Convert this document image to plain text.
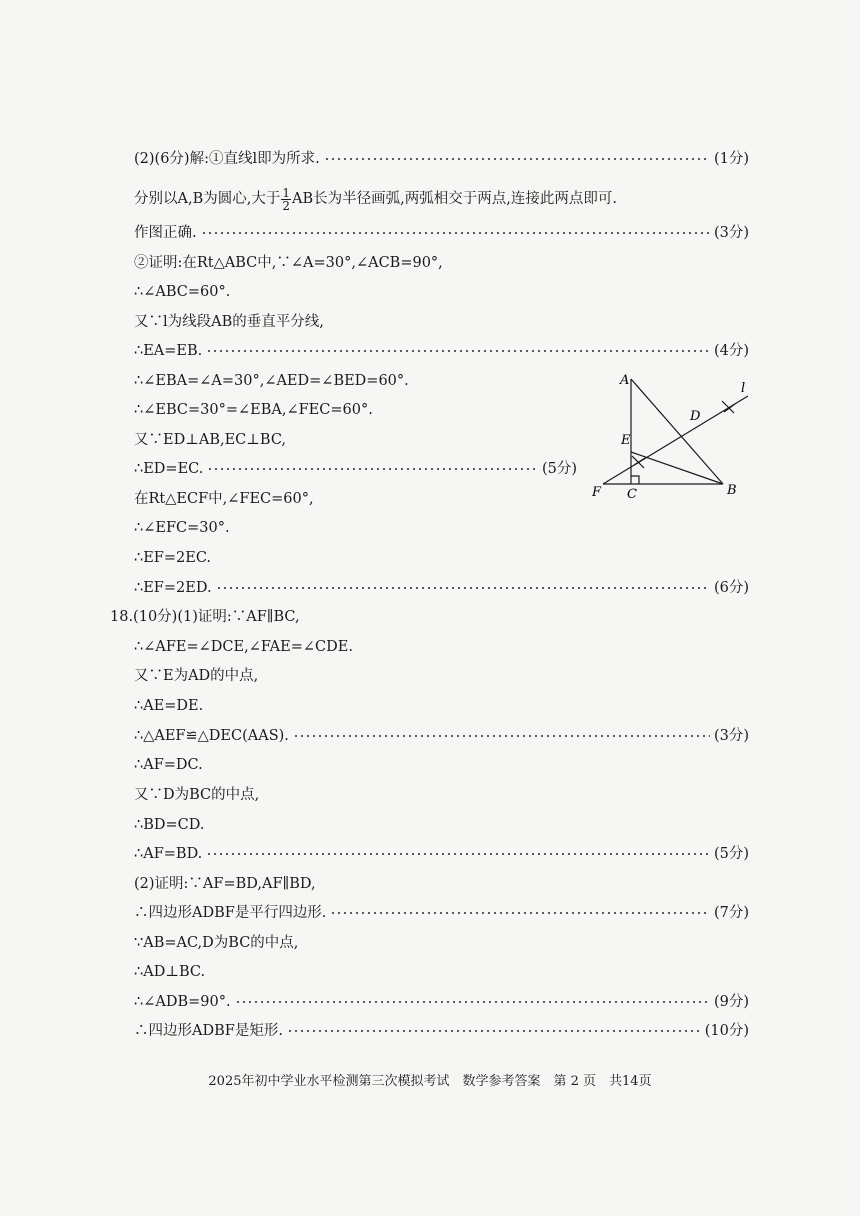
(2)(6分)解:①直线l即为所求.	(1分)
分别以A,B为圆心,大于 $\frac{1}{2}$ AB长为半径画弧,两弧相交于两点,连接此两点即可.
作图正确.	(3分)
②证明:在Rt△ABC中,∵∠A=30°,∠ACB=90°,
∴∠ABC=60°.
又∵l为线段AB的垂直平分线,
∴EA=EB.	(4分)
∴∠EBA=∠A=30°,∠AED=∠BED=60°.
∴∠EBC=30°=∠EBA,∠FEC=60°.
又∵ED⊥AB,EC⊥BC,
∴ED=EC.	(5分)
在Rt△ECF中,∠FEC=60°,
∴∠EFC=30°.
∴EF=2EC.
∴EF=2ED.	(6分)
18.(10分)(1)证明:∵AF∥BC,
∴∠AFE=∠DCE,∠FAE=∠CDE.
又∵E为AD的中点,
∴AE=DE.
∴△AEF≌△DEC(AAS).	(3分)
∴AF=DC.
又∵D为BC的中点,
∴BD=CD.
∴AF=BD.	(5分)
(2)证明:∵AF=BD,AF∥BD,
∴四边形ADBF是平行四边形.	(7分)
∵AB=AC,D为BC的中点,
∴AD⊥BC.
∴∠ADB=90°.	(9分)
∴四边形ADBF是矩形.	(10分)
A
B
C
D
E
F
l
2025年初中学业水平检测第三次模拟考试　数学参考答案　第 2 页　共14页
